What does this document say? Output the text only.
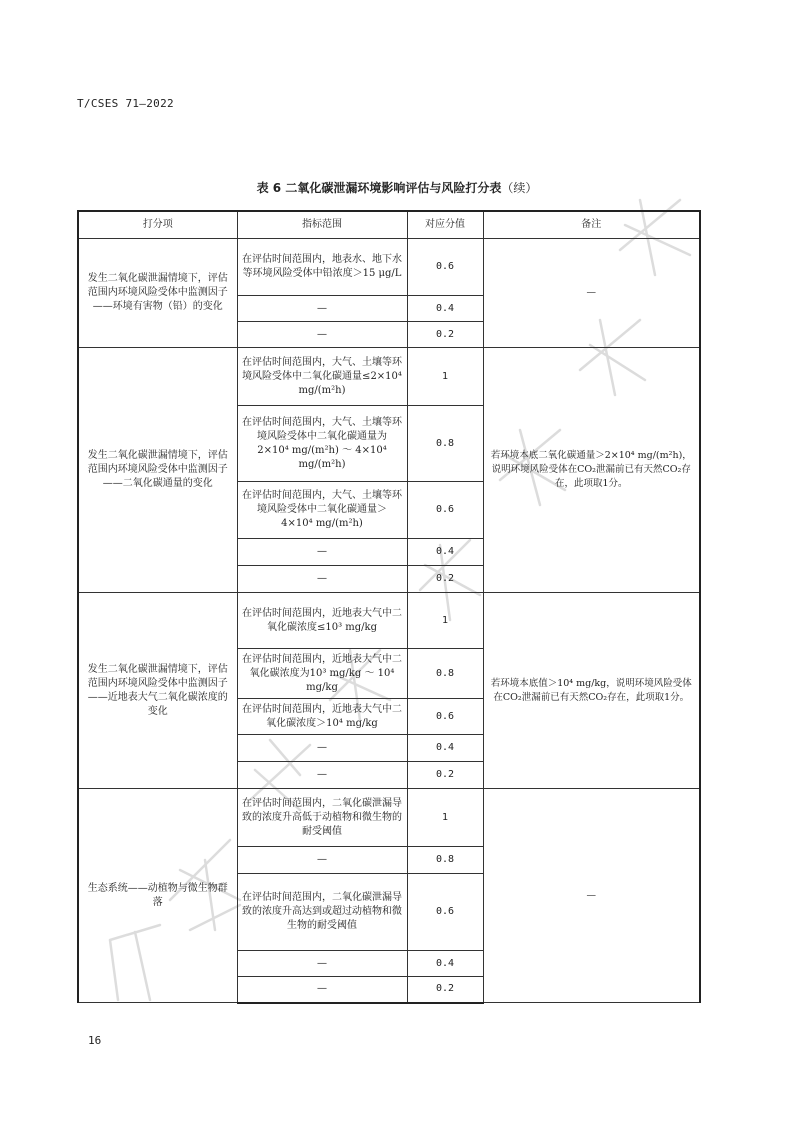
T/CSES 71—2022
表 6 二氧化碳泄漏环境影响评估与风险打分表（续）
打分项	指标范围	对应分值	备注
发生二氧化碳泄漏情境下，评估范围内环境风险受体中监测因子——环境有害物（铅）的变化	在评估时间范围内，地表水、地下水等环境风险受体中铅浓度＞15 μg/L	0.6	—
	—	0.4	
	—	0.2	
发生二氧化碳泄漏情境下，评估范围内环境风险受体中监测因子——二氧化碳通量的变化	在评估时间范围内，大气、土壤等环境风险受体中二氧化碳通量≤2×10⁴ mg/(m²h)	1	若环境本底二氧化碳通量＞2×10⁴ mg/(m²h)，说明环境风险受体在CO₂泄漏前已有天然CO₂存在，此项取1分。
	在评估时间范围内，大气、土壤等环境风险受体中二氧化碳通量为2×10⁴ mg/(m²h) ～ 4×10⁴ mg/(m²h)	0.8	
	在评估时间范围内，大气、土壤等环境风险受体中二氧化碳通量＞4×10⁴ mg/(m²h)	0.6	
	—	0.4	
	—	0.2	
发生二氧化碳泄漏情境下，评估范围内环境风险受体中监测因子——近地表大气二氧化碳浓度的变化	在评估时间范围内，近地表大气中二氧化碳浓度≤10³ mg/kg	1	若环境本底值＞10⁴ mg/kg，说明环境风险受体在CO₂泄漏前已有天然CO₂存在，此项取1分。
	在评估时间范围内，近地表大气中二氧化碳浓度为10³ mg/kg ～ 10⁴ mg/kg	0.8	
	在评估时间范围内，近地表大气中二氧化碳浓度＞10⁴ mg/kg	0.6	
	—	0.4	
	—	0.2	
生态系统——动植物与微生物群落	在评估时间范围内，二氧化碳泄漏导致的浓度升高低于动植物和微生物的耐受阈值	1	—
	—	0.8	
	在评估时间范围内，二氧化碳泄漏导致的浓度升高达到或超过动植物和微生物的耐受阈值	0.6	
	—	0.4	
	—	0.2	
16
